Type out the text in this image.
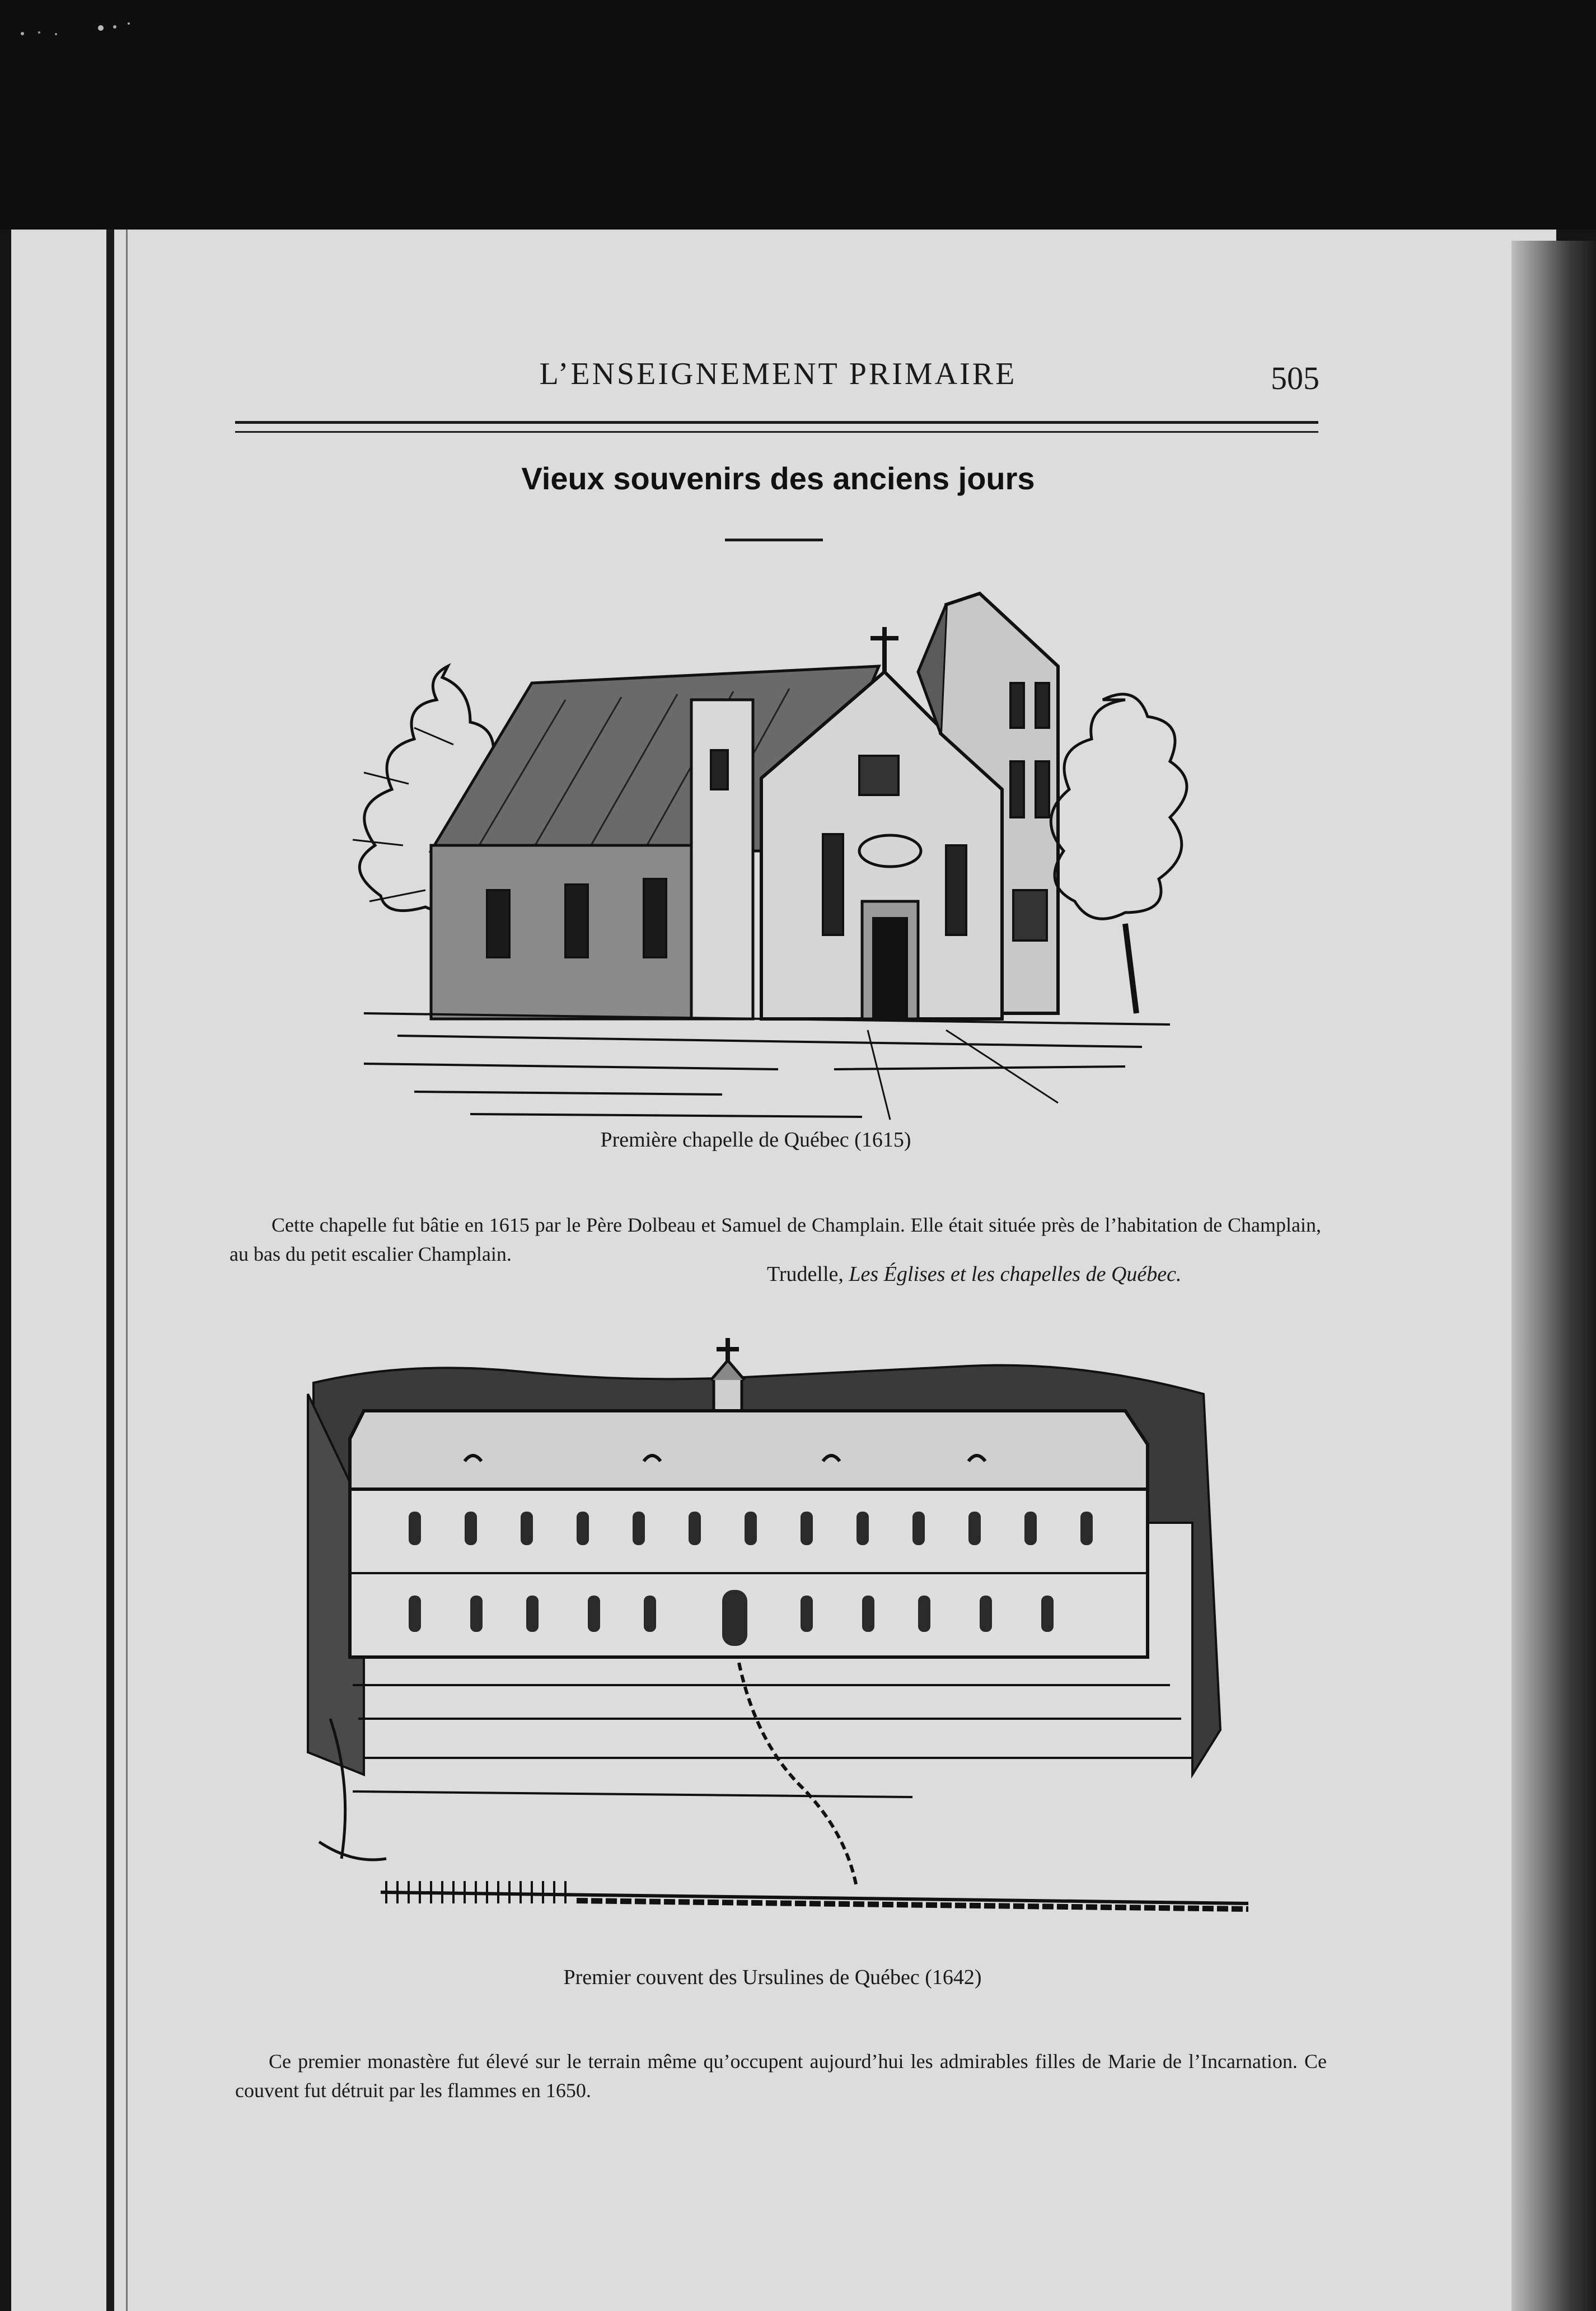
L’ENSEIGNEMENT PRIMAIRE	505
Vieux souvenirs des anciens jours
Première chapelle de Québec (1615)

Cette chapelle fut bâtie en 1615 par le Père Dolbeau et Samuel de Champlain. Elle était située près de l’habitation de Champlain, au bas du petit escalier Champlain.

Trudelle, Les Églises et les chapelles de Québec.
Premier couvent des Ursulines de Québec (1642)

Ce premier monastère fut élevé sur le terrain même qu’occupent aujourd’hui les admirables filles de Marie de l’Incarnation. Ce couvent fut détruit par les flammes en 1650.
